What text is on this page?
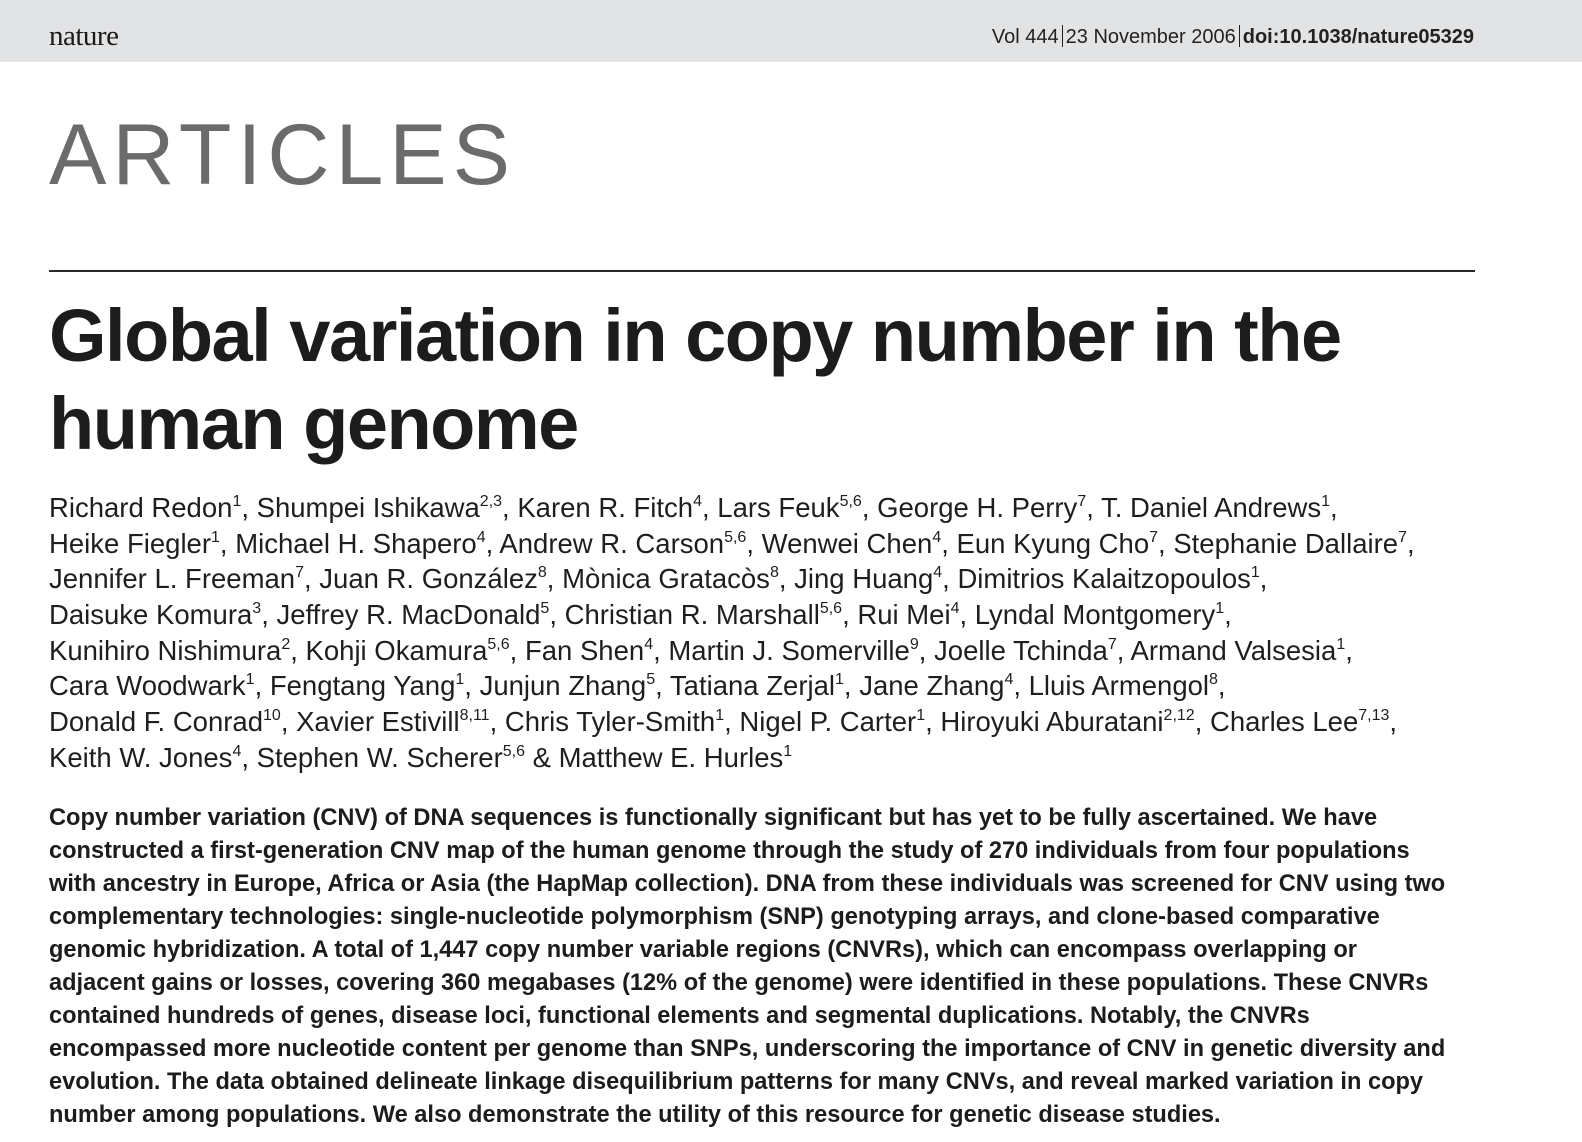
nature	Vol 444 23 November 2006 doi:10.1038/nature05329
ARTICLES
Global variation in copy number in the
human genome
Richard Redon$^1$, Shumpei Ishikawa$^{2,3}$, Karen R. Fitch$^4$, Lars Feuk$^{5,6}$, George H. Perry$^7$, T. Daniel Andrews$^1$,
Heike Fiegler$^1$, Michael H. Shapero$^4$, Andrew R. Carson$^{5,6}$, Wenwei Chen$^4$, Eun Kyung Cho$^7$, Stephanie Dallaire$^7$,
Jennifer L. Freeman$^7$, Juan R. González$^8$, Mònica Gratacòs$^8$, Jing Huang$^4$, Dimitrios Kalaitzopoulos$^1$,
Daisuke Komura$^3$, Jeffrey R. MacDonald$^5$, Christian R. Marshall$^{5,6}$, Rui Mei$^4$, Lyndal Montgomery$^1$,
Kunihiro Nishimura$^2$, Kohji Okamura$^{5,6}$, Fan Shen$^4$, Martin J. Somerville$^9$, Joelle Tchinda$^7$, Armand Valsesia$^1$,
Cara Woodwark$^1$, Fengtang Yang$^1$, Junjun Zhang$^5$, Tatiana Zerjal$^1$, Jane Zhang$^4$, Lluis Armengol$^8$,
Donald F. Conrad$^{10}$, Xavier Estivill$^{8,11}$, Chris Tyler-Smith$^1$, Nigel P. Carter$^1$, Hiroyuki Aburatani$^{2,12}$, Charles Lee$^{7,13}$,
Keith W. Jones$^4$, Stephen W. Scherer$^{5,6}$ & Matthew E. Hurles$^1$
Copy number variation (CNV) of DNA sequences is functionally significant but has yet to be fully ascertained. We have
constructed a first-generation CNV map of the human genome through the study of 270 individuals from four populations
with ancestry in Europe, Africa or Asia (the HapMap collection). DNA from these individuals was screened for CNV using two
complementary technologies: single-nucleotide polymorphism (SNP) genotyping arrays, and clone-based comparative
genomic hybridization. A total of 1,447 copy number variable regions (CNVRs), which can encompass overlapping or
adjacent gains or losses, covering 360 megabases (12% of the genome) were identified in these populations. These CNVRs
contained hundreds of genes, disease loci, functional elements and segmental duplications. Notably, the CNVRs
encompassed more nucleotide content per genome than SNPs, underscoring the importance of CNV in genetic diversity and
evolution. The data obtained delineate linkage disequilibrium patterns for many CNVs, and reveal marked variation in copy
number among populations. We also demonstrate the utility of this resource for genetic disease studies.
